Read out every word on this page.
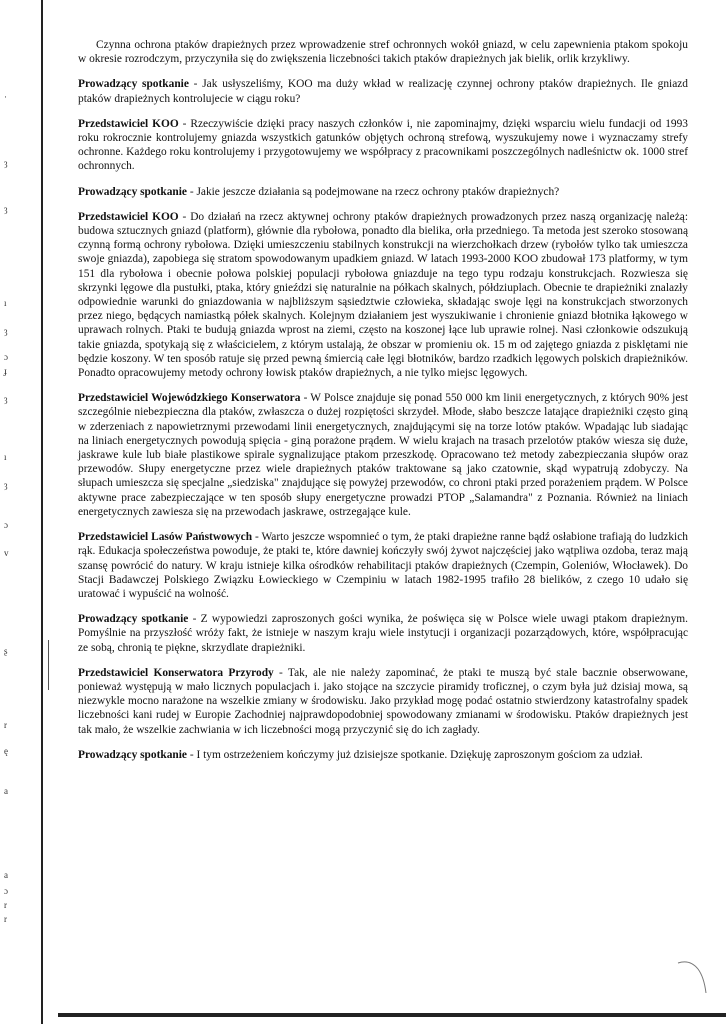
·
ȝ
ȝ
ı
ȝ
ɔ
ɟ
ȝ
ı
ȝ
ɔ
v
ʂ
r
ę
a
a
ɔ
r
r

Czynna ochrona ptaków drapieżnych przez wprowadzenie stref ochronnych wokół gniazd, w celu zapewnienia ptakom spokoju w okresie rozrodczym, przyczyniła się do zwiększenia liczebności takich ptaków drapieżnych jak bielik, orlik krzykliwy.

Prowadzący spotkanie - Jak usłyszeliśmy, KOO ma duży wkład w realizację czynnej ochrony ptaków drapieżnych. Ile gniazd ptaków drapieżnych kontrolujecie w ciągu roku?

Przedstawiciel KOO - Rzeczywiście dzięki pracy naszych członków i, nie zapominajmy, dzięki wsparciu wielu fundacji od 1993 roku rokrocznie kontrolujemy gniazda wszystkich gatunków objętych ochroną strefową, wyszukujemy nowe i wyznaczamy strefy ochronne. Każdego roku kontrolujemy i przygotowujemy we współpracy z pracownikami poszczególnych nadleśnictw ok. 1000 stref ochronnych.

Prowadzący spotkanie - Jakie jeszcze działania są podejmowane na rzecz ochrony ptaków drapieżnych?

Przedstawiciel KOO - Do działań na rzecz aktywnej ochrony ptaków drapieżnych prowadzonych przez naszą organizację należą: budowa sztucznych gniazd (platform), głównie dla rybołowa, ponadto dla bielika, orła przedniego. Ta metoda jest szeroko stosowaną czynną formą ochrony rybołowa. Dzięki umieszczeniu stabilnych konstrukcji na wierzchołkach drzew (rybołów tylko tak umieszcza swoje gniazda), zapobiega się stratom spowodowanym upadkiem gniazd. W latach 1993-2000 KOO zbudował 173 platformy, w tym 151 dla rybołowa i obecnie połowa polskiej populacji rybołowa gniazduje na tego typu rodzaju konstrukcjach. Rozwiesza się skrzynki lęgowe dla pustułki, ptaka, który gnieździ się naturalnie na półkach skalnych, półdziuplach. Obecnie te drapieżniki znalazły odpowiednie warunki do gniazdowania w najbliższym sąsiedztwie człowieka, składając swoje lęgi na konstrukcjach stworzonych przez niego, będących namiastką półek skalnych. Kolejnym działaniem jest wyszukiwanie i chronienie gniazd błotnika łąkowego w uprawach rolnych. Ptaki te budują gniazda wprost na ziemi, często na koszonej łące lub uprawie rolnej. Nasi członkowie odszukują takie gniazda, spotykają się z właścicielem, z którym ustalają, że obszar w promieniu ok. 15 m od zajętego gniazda z pisklętami nie będzie koszony. W ten sposób ratuje się przed pewną śmiercią całe lęgi błotników, bardzo rzadkich lęgowych polskich drapieżników. Ponadto opracowujemy metody ochrony łowisk ptaków drapieżnych, a nie tylko miejsc lęgowych.

Przedstawiciel Wojewódzkiego Konserwatora - W Polsce znajduje się ponad 550 000 km linii energetycznych, z których 90% jest szczególnie niebezpieczna dla ptaków, zwłaszcza o dużej rozpiętości skrzydeł. Młode, słabo beszcze latające drapieżniki często giną w zderzeniach z napowietrznymi przewodami linii energetycznych, znajdującymi się na torze lotów ptaków. Wpadając lub siadając na liniach energetycznych powodują spięcia - giną porażone prądem. W wielu krajach na trasach przelotów ptaków wiesza się duże, jaskrawe kule lub białe plastikowe spirale sygnalizujące ptakom przeszkodę. Opracowano też metody zabezpieczania słupów oraz przewodów. Słupy energetyczne przez wiele drapieżnych ptaków traktowane są jako czatownie, skąd wypatrują zdobyczy. Na słupach umieszcza się specjalne „siedziska" znajdujące się powyżej przewodów, co chroni ptaki przed porażeniem prądem. W Polsce aktywne prace zabezpieczające w ten sposób słupy energetyczne prowadzi PTOP „Salamandra" z Poznania. Również na liniach energetycznych zawiesza się na przewodach jaskrawe, ostrzegające kule.

Przedstawiciel Lasów Państwowych - Warto jeszcze wspomnieć o tym, że ptaki drapieżne ranne bądź osłabione trafiają do ludzkich rąk. Edukacja społeczeństwa powoduje, że ptaki te, które dawniej kończyły swój żywot najczęściej jako wątpliwa ozdoba, teraz mają szansę powrócić do natury. W kraju istnieje kilka ośrodków rehabilitacji ptaków drapieżnych (Czempin, Goleniów, Włocławek). Do Stacji Badawczej Polskiego Związku Łowieckiego w Czempiniu w latach 1982-1995 trafiło 28 bielików, z czego 10 udało się uratować i wypuścić na wolność.

Prowadzący spotkanie - Z wypowiedzi zaproszonych gości wynika, że poświęca się w Polsce wiele uwagi ptakom drapieżnym. Pomyślnie na przyszłość wróży fakt, że istnieje w naszym kraju wiele instytucji i organizacji pozarządowych, które, współpracując ze sobą, chronią te piękne, skrzydlate drapieżniki.

Przedstawiciel Konserwatora Przyrody - Tak, ale nie należy zapominać, że ptaki te muszą być stale bacznie obserwowane, ponieważ występują w mało licznych populacjach i. jako stojące na szczycie piramidy troficznej, o czym była już dzisiaj mowa, są niezwykle mocno narażone na wszelkie zmiany w środowisku. Jako przykład mogę podać ostatnio stwierdzony katastrofalny spadek liczebności kani rudej w Europie Zachodniej najprawdopodobniej spowodowany zmianami w środowisku. Ptaków drapieżnych jest tak mało, że wszelkie zachwiania w ich liczebności mogą przyczynić się do ich zagłady.

Prowadzący spotkanie - I tym ostrzeżeniem kończymy już dzisiejsze spotkanie. Dziękuję zaproszonym gościom za udział.
